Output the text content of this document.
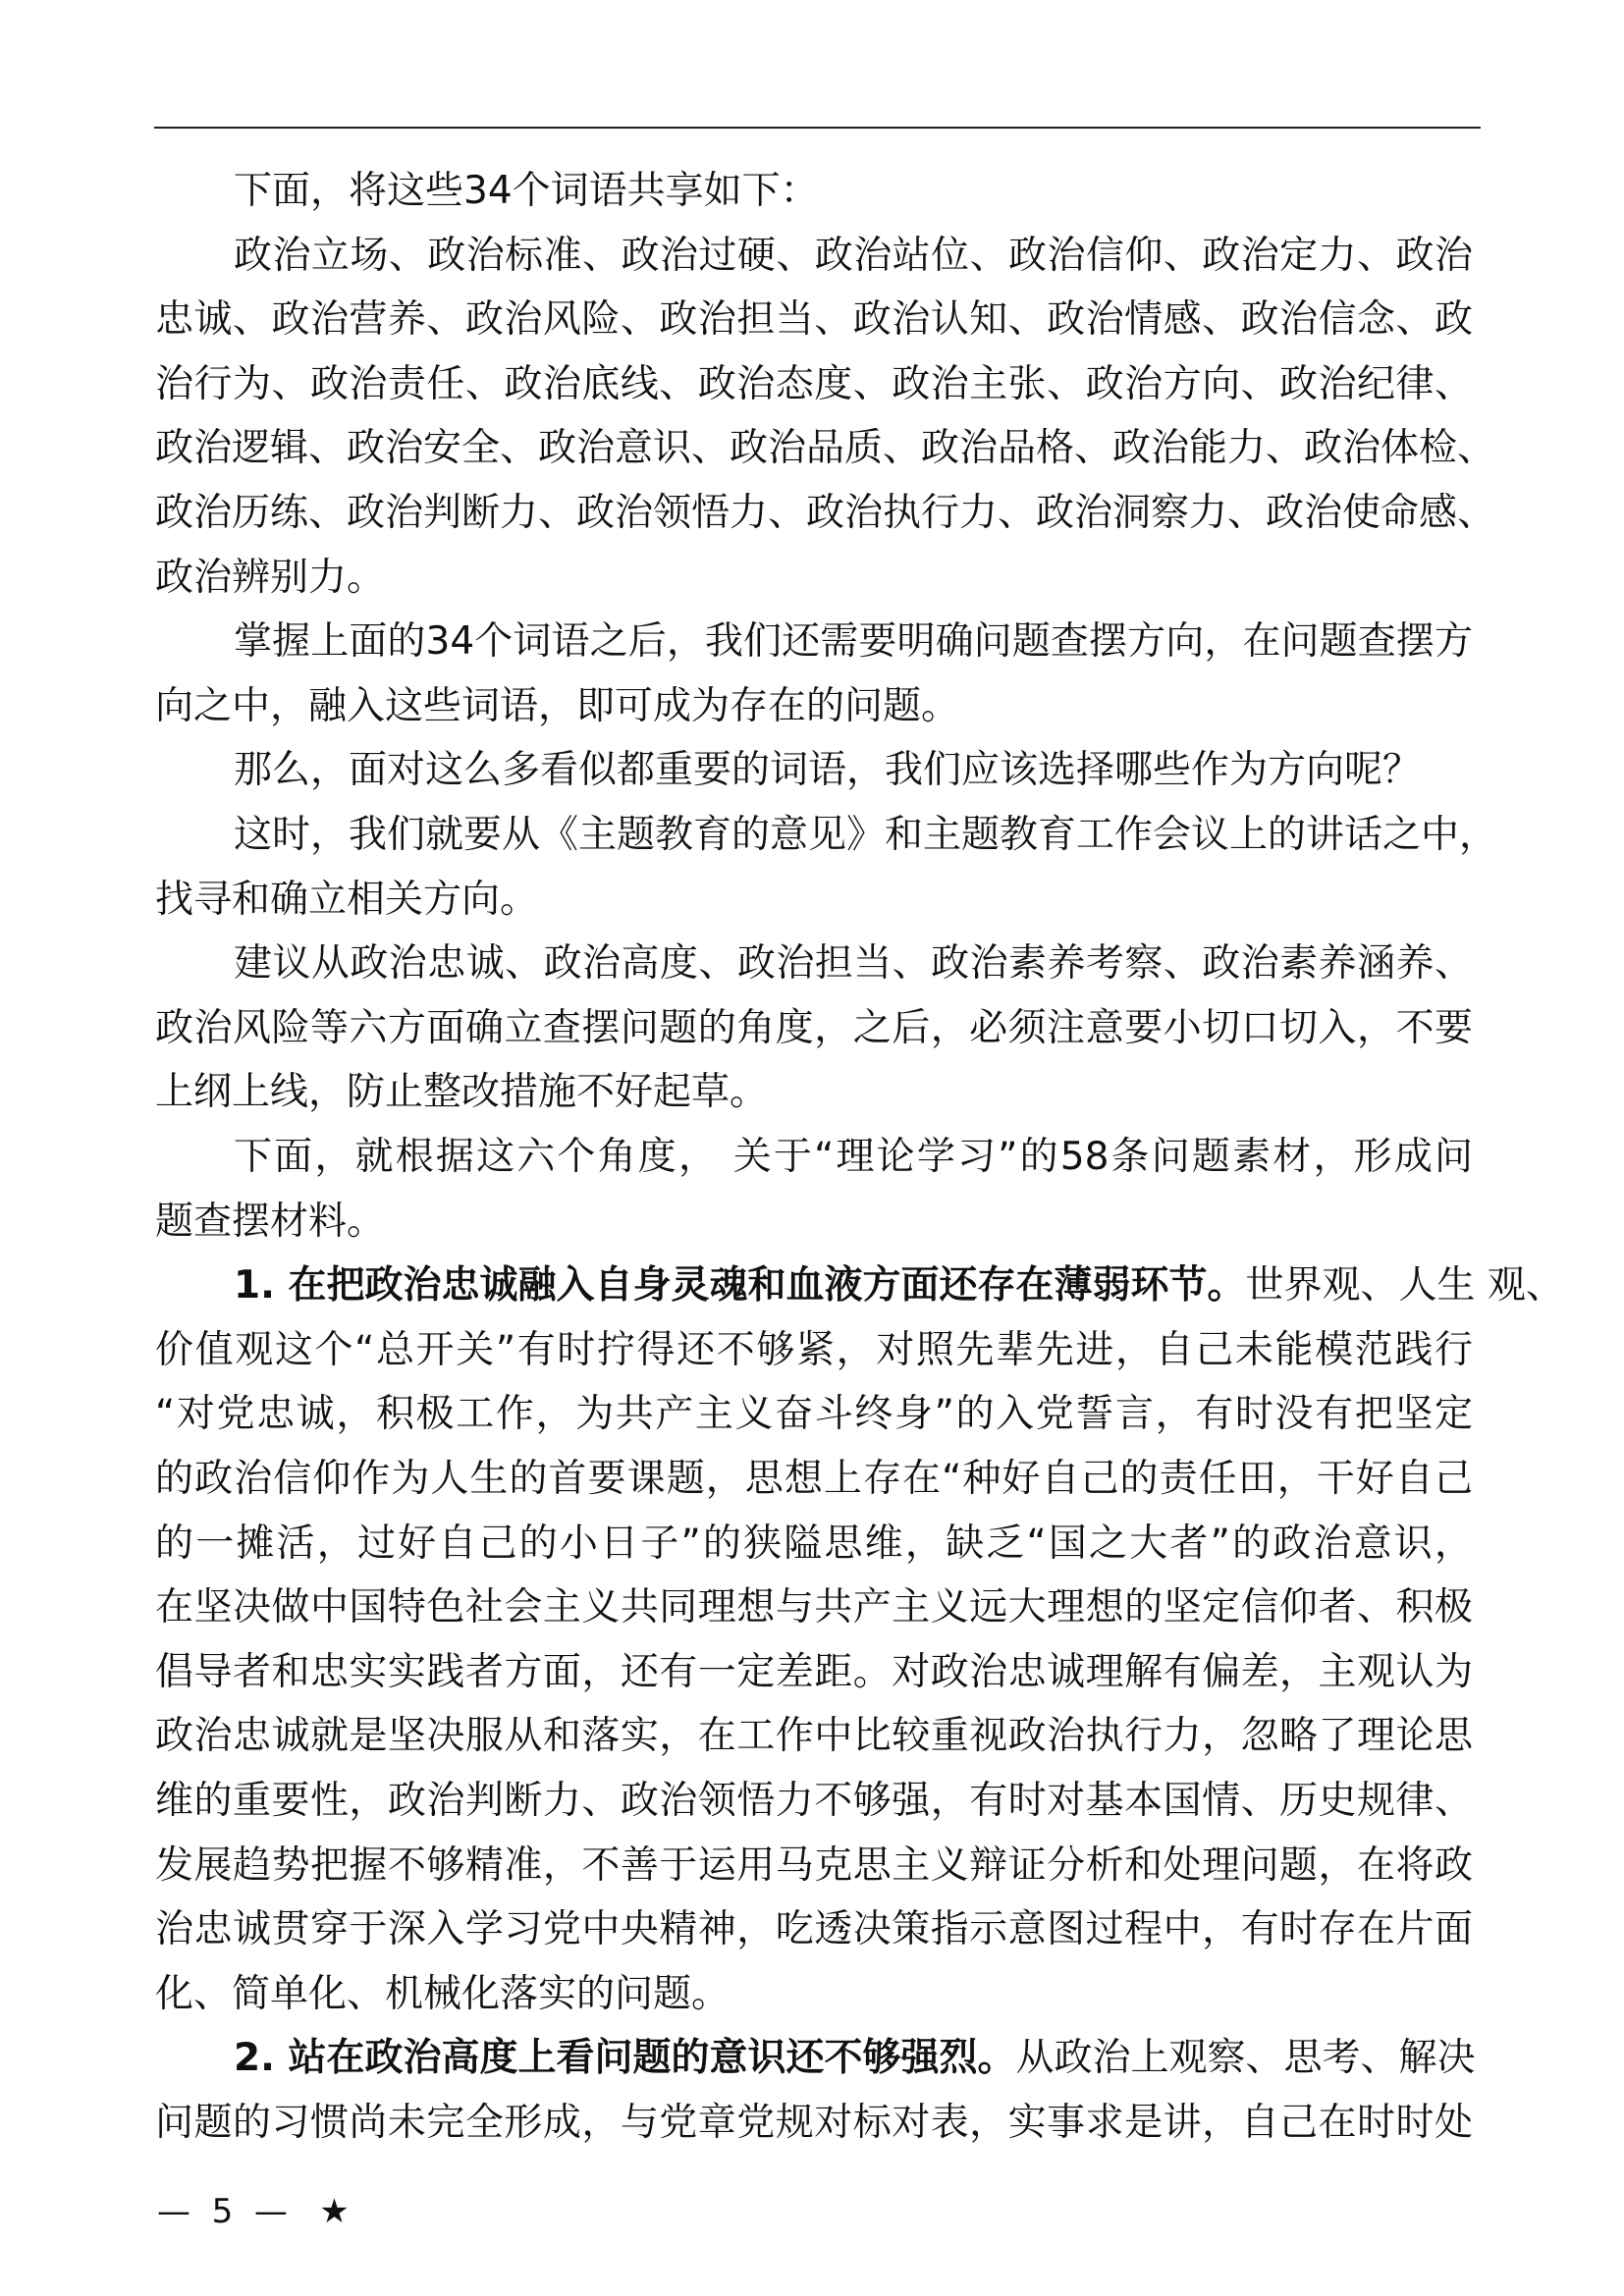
下面，将这些34个词语共享如下：
政治立场、政治标准、政治过硬、政治站位、政治信仰、政治定力、政治
忠诚、政治营养、政治风险、政治担当、政治认知、政治情感、政治信念、政
治行为、政治责任、政治底线、政治态度、政治主张、政治方向、政治纪律、
政治逻辑、政治安全、政治意识、政治品质、政治品格、政治能力、政治体检、
政治历练、政治判断力、政治领悟力、政治执行力、政治洞察力、政治使命感、
政治辨别力。
掌握上面的34个词语之后，我们还需要明确问题查摆方向，在问题查摆方
向之中，融入这些词语，即可成为存在的问题。
那么，面对这么多看似都重要的词语，我们应该选择哪些作为方向呢？
这时，我们就要从《主题教育的意见》和主题教育工作会议上的讲话之中，
找寻和确立相关方向。
建议从政治忠诚、政治高度、政治担当、政治素养考察、政治素养涵养、
政治风险等六方面确立查摆问题的角度，之后，必须注意要小切口切入，不要
上纲上线，防止整改措施不好起草。
下面，就根据这六个角度， 关于“理论学习”的58条问题素材，形成问
题查摆材料。
1. 在把政治忠诚融入自身灵魂和血液方面还存在薄弱环节。世界观、人生 观、
价值观这个“总开关”有时拧得还不够紧，对照先辈先进，自己未能模范践行
“对党忠诚，积极工作，为共产主义奋斗终身”的入党誓言，有时没有把坚定
的政治信仰作为人生的首要课题，思想上存在“种好自己的责任田，干好自己
的一摊活，过好自己的小日子”的狭隘思维，缺乏“国之大者”的政治意识，
在坚决做中国特色社会主义共同理想与共产主义远大理想的坚定信仰者、积极
倡导者和忠实实践者方面，还有一定差距。对政治忠诚理解有偏差，主观认为
政治忠诚就是坚决服从和落实，在工作中比较重视政治执行力，忽略了理论思
维的重要性，政治判断力、政治领悟力不够强，有时对基本国情、历史规律、
发展趋势把握不够精准，不善于运用马克思主义辩证分析和处理问题，在将政
治忠诚贯穿于深入学习党中央精神，吃透决策指示意图过程中，有时存在片面
化、简单化、机械化落实的问题。
2. 站在政治高度上看问题的意识还不够强烈。从政治上观察、思考、解决
问题的习惯尚未完全形成，与党章党规对标对表，实事求是讲，自己在时时处
—  5  —   ★
